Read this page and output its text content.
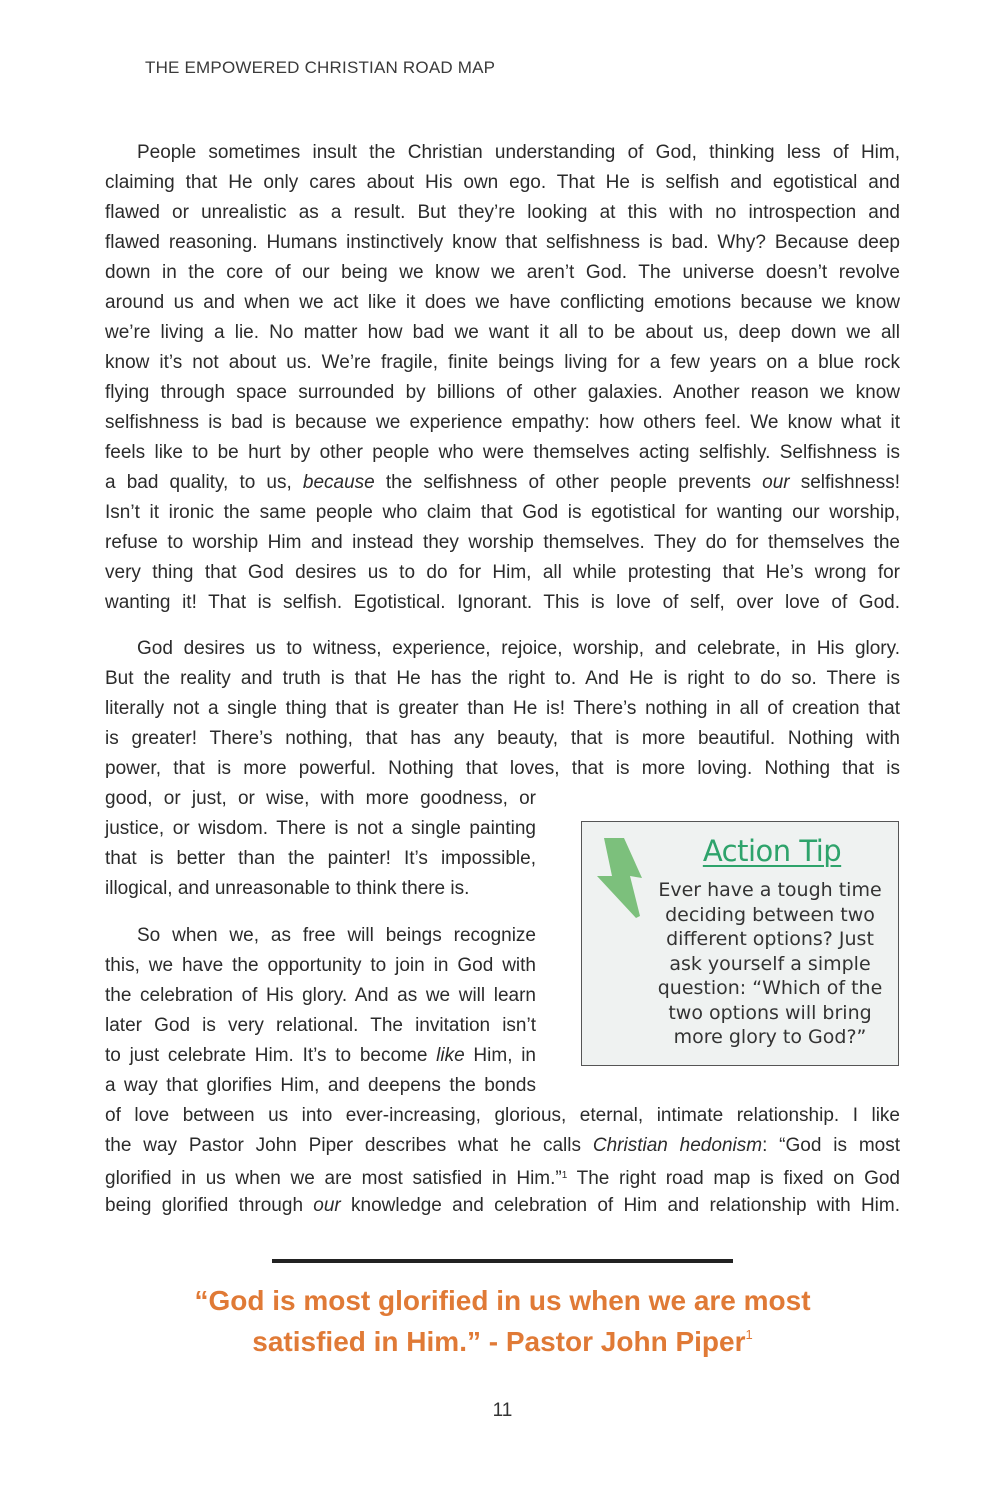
THE EMPOWERED CHRISTIAN ROAD MAP
People sometimes insult the Christian understanding of God, thinking less of Him,
claiming that He only cares about His own ego. That He is selfish and egotistical and
flawed or unrealistic as a result. But they’re looking at this with no introspection and
flawed reasoning. Humans instinctively know that selfishness is bad. Why? Because deep
down in the core of our being we know we aren’t God. The universe doesn’t revolve
around us and when we act like it does we have conflicting emotions because we know
we’re living a lie. No matter how bad we want it all to be about us, deep down we all
know it’s not about us. We’re fragile, finite beings living for a few years on a blue rock
flying through space surrounded by billions of other galaxies. Another reason we know
selfishness is bad is because we experience empathy: how others feel. We know what it
feels like to be hurt by other people who were themselves acting selfishly. Selfishness is
a bad quality, to us, because the selfishness of other people prevents our selfishness!
Isn’t it ironic the same people who claim that God is egotistical for wanting our worship,
refuse to worship Him and instead they worship themselves. They do for themselves the
very thing that God desires us to do for Him, all while protesting that He’s wrong for
wanting it! That is selfish. Egotistical. Ignorant. This is love of self, over love of God.
God desires us to witness, experience, rejoice, worship, and celebrate, in His glory.
But the reality and truth is that He has the right to. And He is right to do so. There is
literally not a single thing that is greater than He is! There’s nothing in all of creation that
is greater! There’s nothing, that has any beauty, that is more beautiful. Nothing with
power, that is more powerful. Nothing that loves, that is more loving. Nothing that is
good, or just, or wise, with more goodness, or
justice, or wisdom. There is not a single painting
that is better than the painter! It’s impossible,
illogical, and unreasonable to think there is.
So when we, as free will beings recognize
this, we have the opportunity to join in God with
the celebration of His glory. And as we will learn
later God is very relational. The invitation isn’t
to just celebrate Him. It’s to become like Him, in
a way that glorifies Him, and deepens the bonds
of love between us into ever-increasing, glorious, eternal, intimate relationship. I like
the way Pastor John Piper describes what he calls Christian hedonism: “God is most
glorified in us when we are most satisfied in Him.”$^1$ The right road map is fixed on God
being glorified through our knowledge and celebration of Him and relationship with Him.
Action Tip
Ever have a tough time deciding between two different options? Just ask yourself a simple question: “Which of the two options will bring more glory to God?”
“God is most glorified in us when we are most
satisfied in Him.” - Pastor John Piper$^1$
11
